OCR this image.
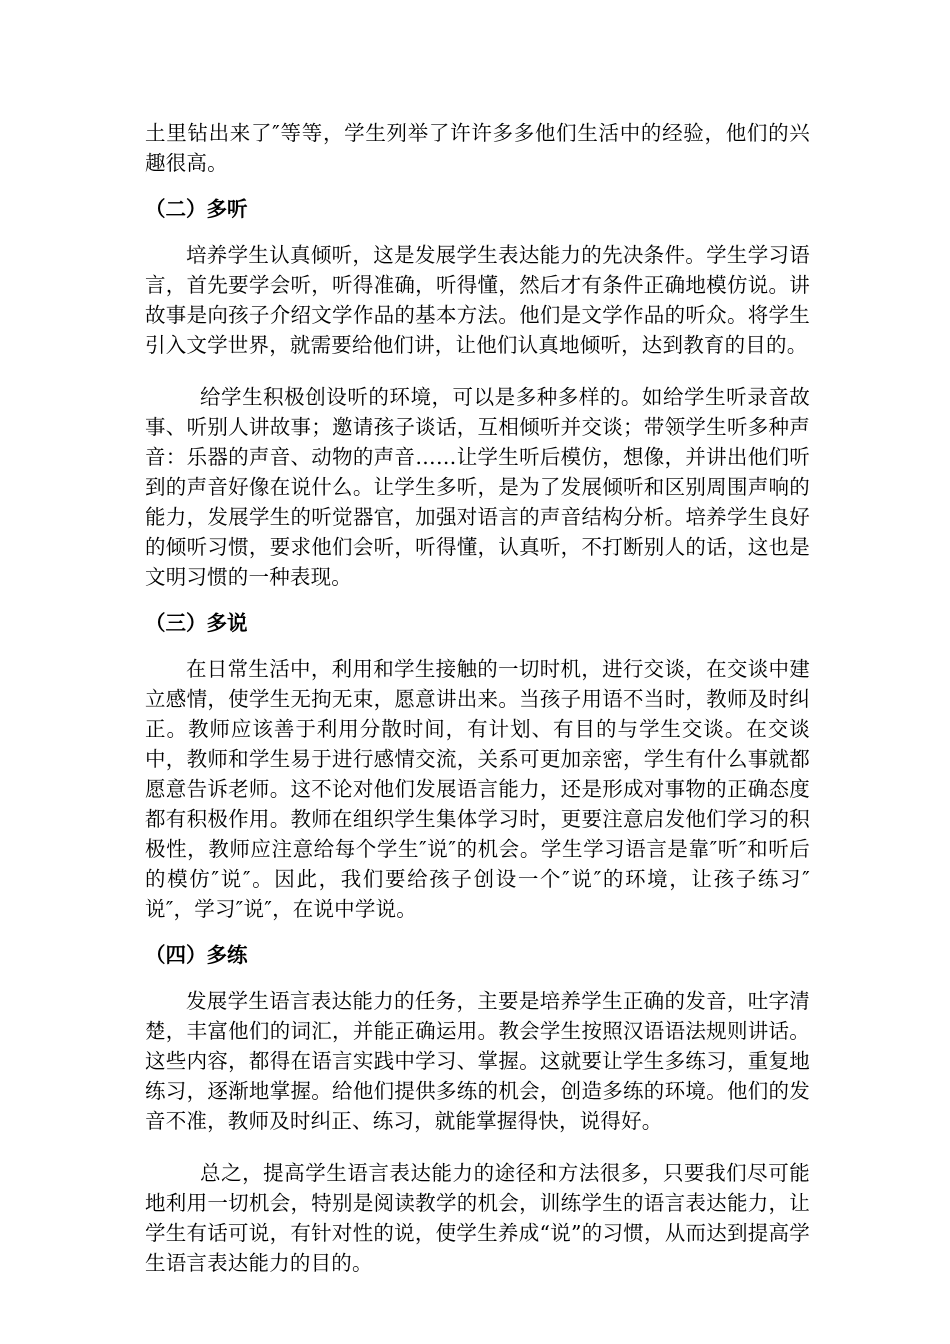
土里钻出来了″等等，学生列举了许许多多他们生活中的经验，他们的兴趣很高。

（二）多听

培养学生认真倾听，这是发展学生表达能力的先决条件。学生学习语言，首先要学会听，听得准确，听得懂，然后才有条件正确地模仿说。讲故事是向孩子介绍文学作品的基本方法。他们是文学作品的听众。将学生引入文学世界，就需要给他们讲，让他们认真地倾听，达到教育的目的。

给学生积极创设听的环境，可以是多种多样的。如给学生听录音故事、听别人讲故事；邀请孩子谈话，互相倾听并交谈；带领学生听多种声音：乐器的声音、动物的声音……让学生听后模仿，想像，并讲出他们听到的声音好像在说什么。让学生多听，是为了发展倾听和区别周围声响的能力，发展学生的听觉器官，加强对语言的声音结构分析。培养学生良好的倾听习惯，要求他们会听，听得懂，认真听，不打断别人的话，这也是文明习惯的一种表现。

（三）多说

在日常生活中，利用和学生接触的一切时机，进行交谈，在交谈中建立感情，使学生无拘无束，愿意讲出来。当孩子用语不当时，教师及时纠正。教师应该善于利用分散时间，有计划、有目的与学生交谈。在交谈中，教师和学生易于进行感情交流，关系可更加亲密，学生有什么事就都愿意告诉老师。这不论对他们发展语言能力，还是形成对事物的正确态度都有积极作用。教师在组织学生集体学习时，更要注意启发他们学习的积极性，教师应注意给每个学生″说″的机会。学生学习语言是靠″听″和听后的模仿″说″。因此，我们要给孩子创设一个″说″的环境，让孩子练习″说″，学习″说″，在说中学说。

（四）多练

发展学生语言表达能力的任务，主要是培养学生正确的发音，吐字清楚，丰富他们的词汇，并能正确运用。教会学生按照汉语语法规则讲话。这些内容，都得在语言实践中学习、掌握。这就要让学生多练习，重复地练习，逐渐地掌握。给他们提供多练的机会，创造多练的环境。他们的发音不准，教师及时纠正、练习，就能掌握得快，说得好。

总之，提高学生语言表达能力的途径和方法很多，只要我们尽可能地利用一切机会，特别是阅读教学的机会，训练学生的语言表达能力，让学生有话可说，有针对性的说，使学生养成“说”的习惯，从而达到提高学生语言表达能力的目的。
